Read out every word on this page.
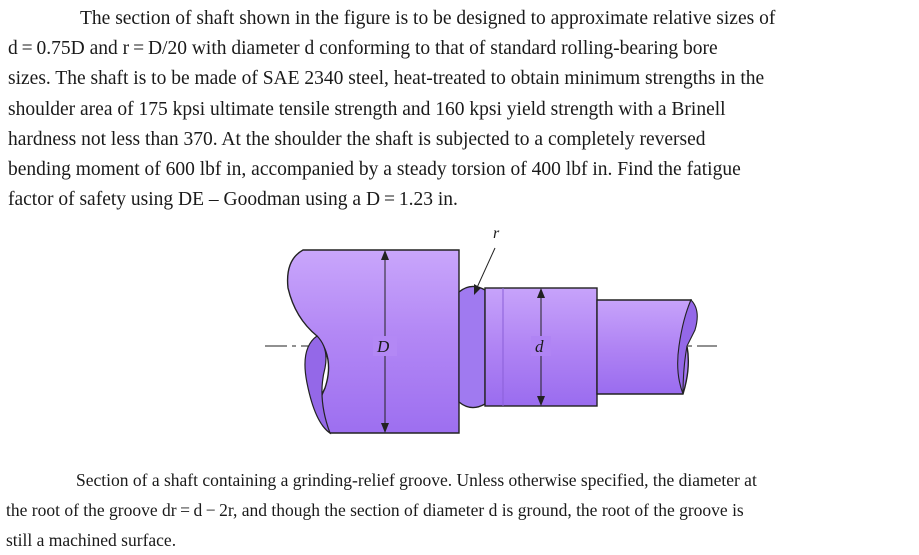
The section of shaft shown in the figure is to be designed to approximate relative sizes of
d = 0.75D and r = D/20 with diameter d conforming to that of standard rolling-bearing bore
sizes. The shaft is to be made of SAE 2340 steel, heat-treated to obtain minimum strengths in the
shoulder area of 175 kpsi ultimate tensile strength and 160 kpsi yield strength with a Brinell
hardness not less than 370. At the shoulder the shaft is subjected to a completely reversed
bending moment of 600 lbf in, accompanied by a steady torsion of 400 lbf in. Find the fatigue
factor of safety using DE – Goodman using a D = 1.23 in.
D	d
r
Section of a shaft containing a grinding-relief groove. Unless otherwise specified, the diameter at
the root of the groove dr = d − 2r, and though the section of diameter d is ground, the root of the groove is
still a machined surface.
